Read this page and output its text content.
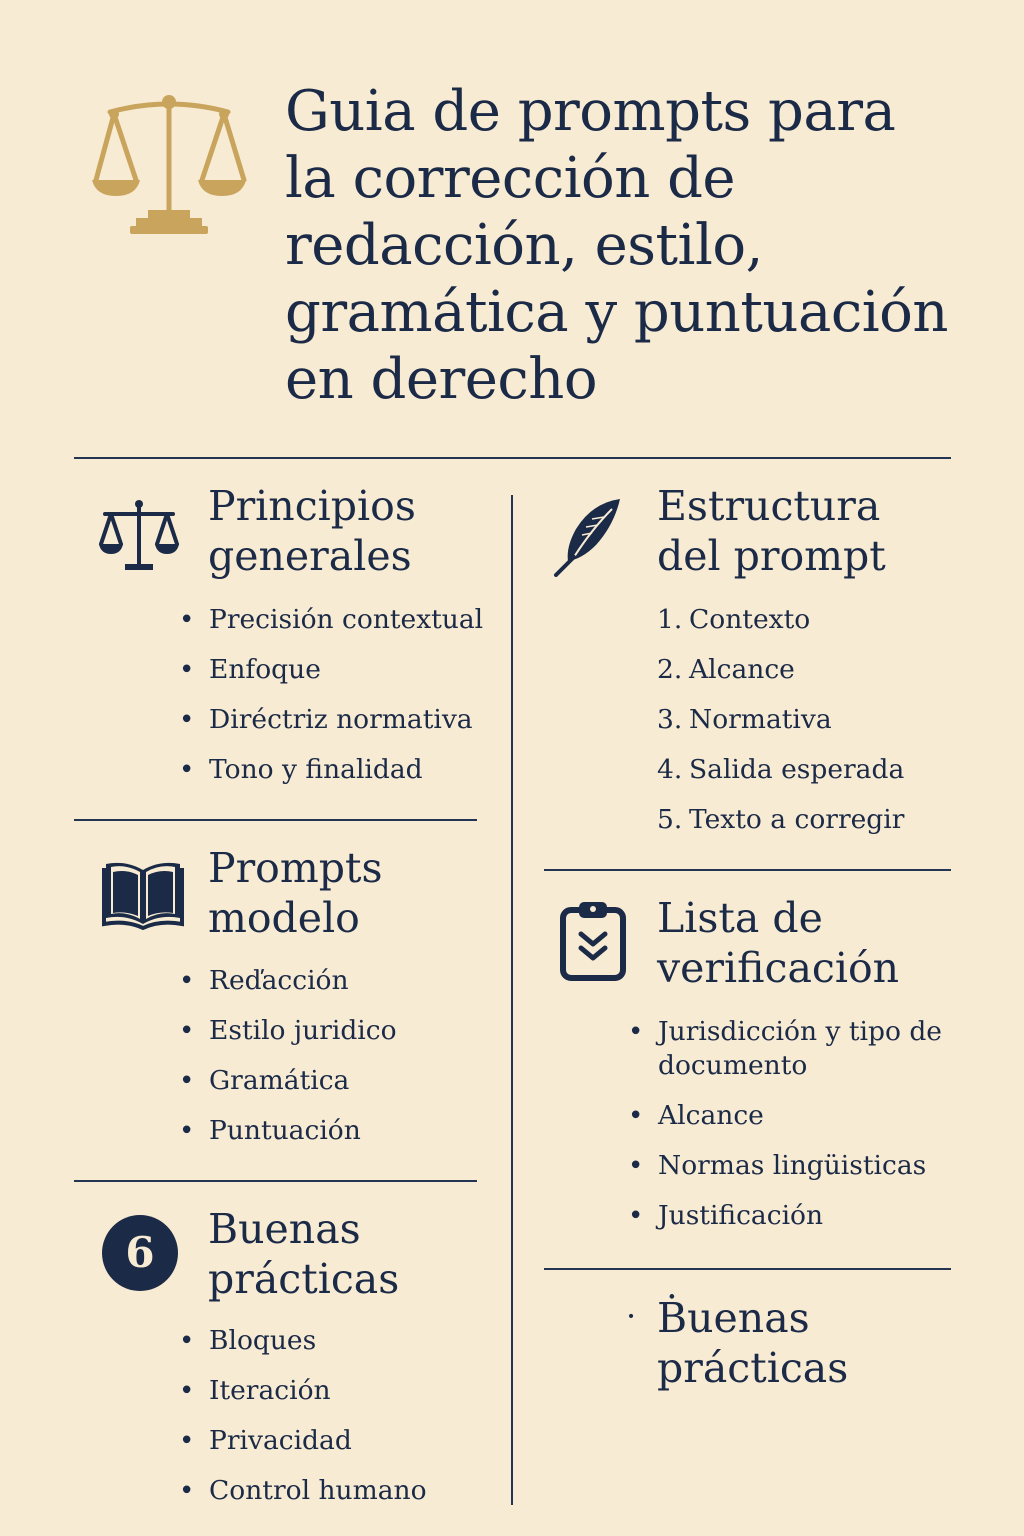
Guia de prompts para
la corrección de
redacción, estilo,
gramática y puntuación
en derecho
Principios
generales
• Precisión contextual
• Enfoque
• Diréctriz normativa
• Tono y finalidad
Prompts
modelo
• Reďacción
• Estilo juridico
• Gramática
• Puntuación
6	Buenas
prácticas
• Bloques
• Iteración
• Privacidad
• Control humano
Estructura
del prompt
1. Contexto
2. Alcance
3. Normativa
4. Salida esperada
5. Texto a corregir
Lista de
verificación
• Jurisdicción y tipo de
documento
• Alcance
• Normas lingüisticas
• Justificación
· Ḃuenas
prácticas
